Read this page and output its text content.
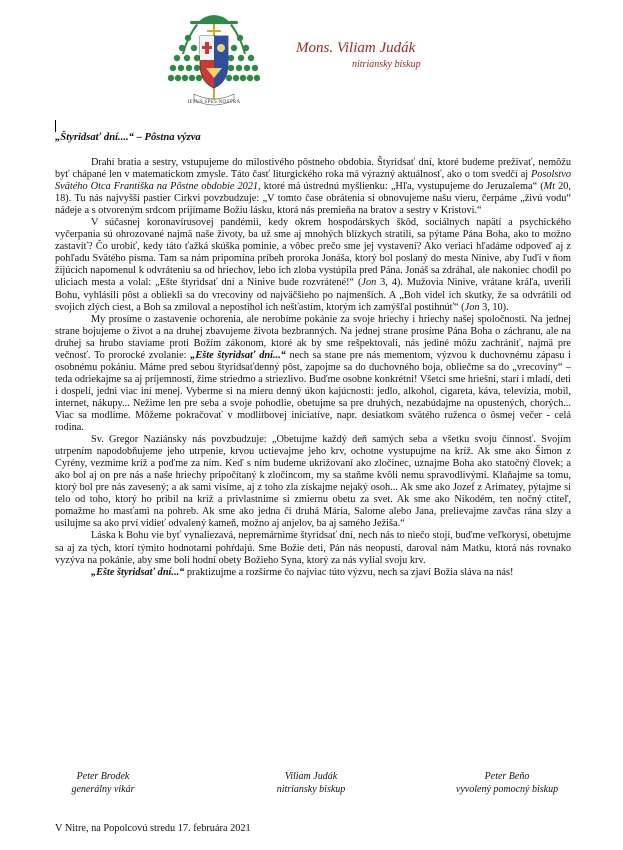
IESUS SPES NOSTRA
Mons. Viliam Judák
nitriansky biskup
„Štyridsať dní....“ – Pôstna výzva

Drahí bratia a sestry, vstupujeme do milostivého pôstneho obdobia. Štyridsať dní, ktoré budeme prežívať, nemôžu byť chápané len v matematickom zmysle. Táto časť liturgického roka má výrazný aktuálnosť, ako o tom svedčí aj Posolstvo Svätého Otca Františka na Pôstne obdobie 2021, ktoré má ústrednú myšlienku: „Hľa, vystupujeme do Jeruzalema“ (Mt 20, 18). Tu nás najvyšší pastier Cirkvi povzbudzuje: „V tomto čase obrátenia si obnovujeme našu vieru, čerpáme „živú vodu“ nádeje a s otvoreným srdcom prijímame Božiu lásku, ktorá nás premieňa na bratov a sestry v Kristovi.“

V súčasnej koronavírusovej pandémii, kedy okrem hospodárskych škôd, sociálnych napätí a psychického vyčerpania sú ohrozované najmä naše životy, ba už sme aj mnohých blízkych stratili, sa pýtame Pána Boha, ako to možno zastaviť? Čo urobiť, kedy táto ťažká skúška pominie, a vôbec prečo sme jej vystavení? Ako veriaci hľadáme odpoveď aj z pohľadu Svätého písma. Tam sa nám pripomína príbeh proroka Jonáša, ktorý bol poslaný do mesta Ninive, aby ľuďí v ňom žijúcich napomenul k odvráteniu sa od hriechov, lebo ich zloba vystúpila pred Pána. Jonáš sa zdráhal, ale nakoniec chodil po uliciach mesta a volal: „Ešte štyridsať dní a Ninive bude rozvrátené!“ (Jon 3, 4). Mužovia Ninive, vrátane kráľa, uverili Bohu, vyhlásili pôst a obliekli sa do vrecoviny od najväčšieho po najmenších. A „Boh videl ich skutky, že sa odvrátili od svojich zlých ciest, a Boh sa zmiloval a nepostihol ich nešťastím, ktorým ich zamýšľal postihnúť“ (Jon 3, 10).

My prosíme o zastavenie ochorenia, ale nerobíme pokánie za svoje hriechy i hriechy našej spoločnosti. Na jednej strane bojujeme o život a na druhej zbavujeme života bezbranných. Na jednej strane prosíme Pána Boha o záchranu, ale na druhej sa hrubo staviame proti Božím zákonom, ktoré ak by sme rešpektovali, nás jediné môžu zachrániť, najmä pre večnosť. To prorocké zvolanie: „Ešte štyridsať dní...“ nech sa stane pre nás mementom, výzvou k duchovnému zápasu i osobnému pokániu. Máme pred sebou štyridsaťdenný pôst, zapojme sa do duchovného boja, obliečme sa do „vrecoviny“ – teda odriekajme sa aj príjemností, žime striedmo a striezlivo. Buďme osobne konkrétni! Všetci sme hriešni, starí i mladí, deti i dospelí, jedni viac iní menej. Vyberme si na mieru denný úkon kajúcnosti: jedlo, alkohol, cigareta, káva, televízia, mobil, internet, nákupy... Nežime len pre seba a svoje pohodlie, obetujme sa pre druhých, nezabúdajme na opustených, chorých... Viac sa modlime. Môžeme pokračovať v modlitbovej iniciatíve, napr. desiatkom svätého ruženca o ôsmej večer - celá rodina.

Sv. Gregor Naziánsky nás povzbudzuje: „Obetujme každý deň samých seba a všetku svoju činnosť. Svojím utrpením napodobňujeme jeho utrpenie, krvou uctievajme jeho krv, ochotne vystupujme na kríž. Ak sme ako Šimon z Cyrény, vezmime kríž a poďme za ním. Keď s ním budeme ukrižovaní ako zločinec, uznajme Boha ako statočný človek; a ako bol aj on pre nás a naše hriechy pripočítaný k zločincom, my sa staňme kvôli nemu spravodlivými. Klaňajme sa tomu, ktorý bol pre nás zavesený; a ak sami visíme, aj z toho zla získajme nejaký osoh... Ak sme ako Jozef z Arimatey, pýtajme si telo od toho, ktorý ho pribil na kríž a privlastnime si zmiernu obetu za svet. Ak sme ako Nikodém, ten nočný ctiteľ, pomažme ho masťami na pohreb. Ak sme ako jedna či druhá Mária, Salome alebo Jana, prelievajme zavčas rána slzy a usilujme sa ako prví vidieť odvalený kameň, možno aj anjelov, ba aj samého Ježiša.“

Láska k Bohu vie byť vynaliezavá, nepremárnime štyridsať dní, nech nás to niečo stojí, buďme veľkorysí, obetujme sa aj za tých, ktorí týmito hodnotami pohŕdajú. Sme Božie deti, Pán nás neopustí, daroval nám Matku, ktorá nás rovnako vyzýva na pokánie, aby sme boli hodní obety Božieho Syna, ktorý za nás vylial svoju krv.

„Ešte štyridsať dní...“ praktizujme a rozšírme čo najviac túto výzvu, nech sa zjaví Božia sláva na nás!

Peter Brodek
generálny vikár
Viliam Judák
nitriansky biskup
Peter Beňo
vyvolený pomocný biskup
V Nitre, na Popolcovú stredu 17. februára 2021
